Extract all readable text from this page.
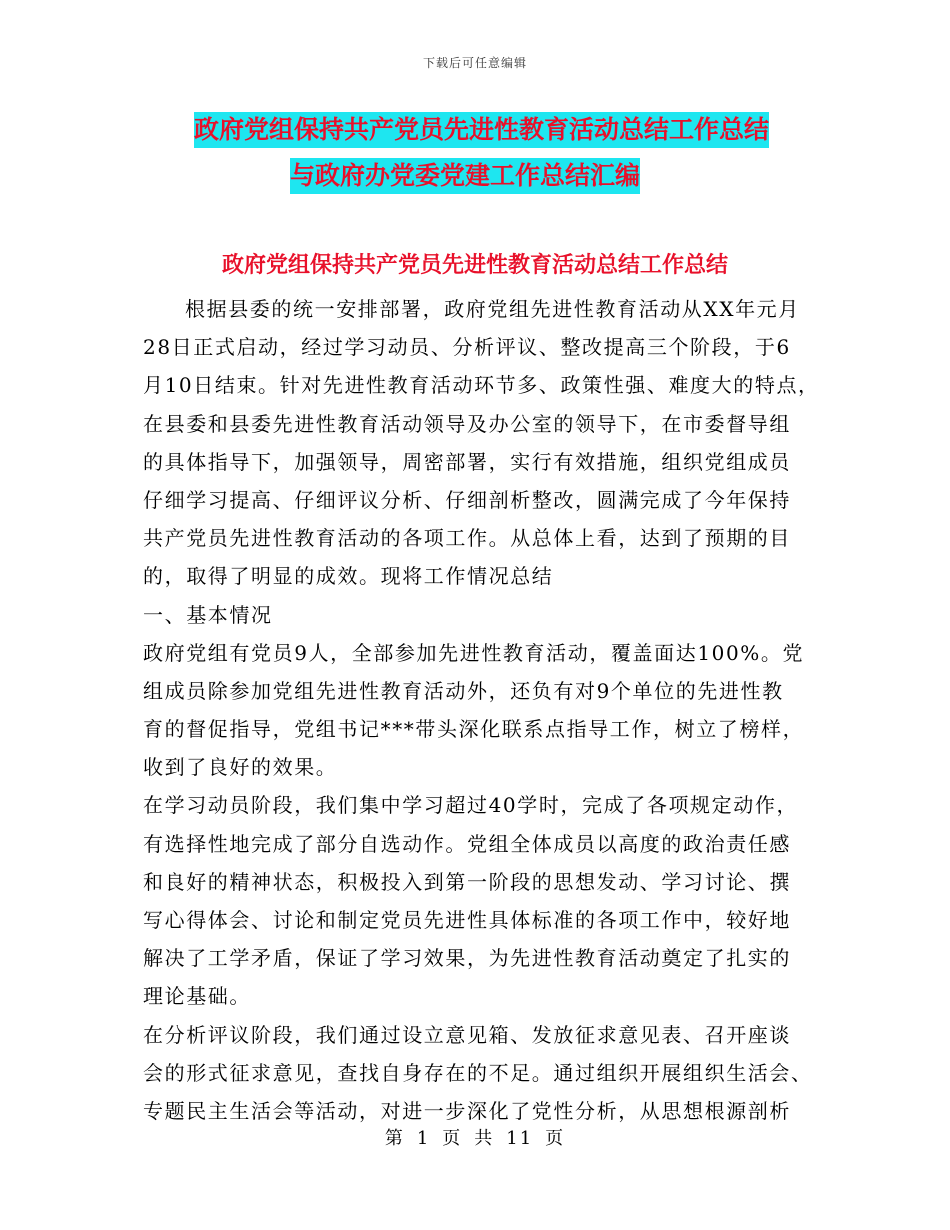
下载后可任意编辑
政府党组保持共产党员先进性教育活动总结工作总结
与政府办党委党建工作总结汇编
政府党组保持共产党员先进性教育活动总结工作总结
根据县委的统一安排部署，政府党组先进性教育活动从XX年元月
28日正式启动，经过学习动员、分析评议、整改提高三个阶段，于6
月10日结束。针对先进性教育活动环节多、政策性强、难度大的特点，
在县委和县委先进性教育活动领导及办公室的领导下，在市委督导组
的具体指导下，加强领导，周密部署，实行有效措施，组织党组成员
仔细学习提高、仔细评议分析、仔细剖析整改，圆满完成了今年保持
共产党员先进性教育活动的各项工作。从总体上看，达到了预期的目
的，取得了明显的成效。现将工作情况总结
一、基本情况
政府党组有党员9人，全部参加先进性教育活动，覆盖面达100%。党
组成员除参加党组先进性教育活动外，还负有对9个单位的先进性教
育的督促指导，党组书记***带头深化联系点指导工作，树立了榜样，
收到了良好的效果。
在学习动员阶段，我们集中学习超过40学时，完成了各项规定动作，
有选择性地完成了部分自选动作。党组全体成员以高度的政治责任感
和良好的精神状态，积极投入到第一阶段的思想发动、学习讨论、撰
写心得体会、讨论和制定党员先进性具体标准的各项工作中，较好地
解决了工学矛盾，保证了学习效果，为先进性教育活动奠定了扎实的
理论基础。
在分析评议阶段，我们通过设立意见箱、发放征求意见表、召开座谈
会的形式征求意见，查找自身存在的不足。通过组织开展组织生活会、
专题民主生活会等活动，对进一步深化了党性分析，从思想根源剖析
第 1 页 共 11 页
